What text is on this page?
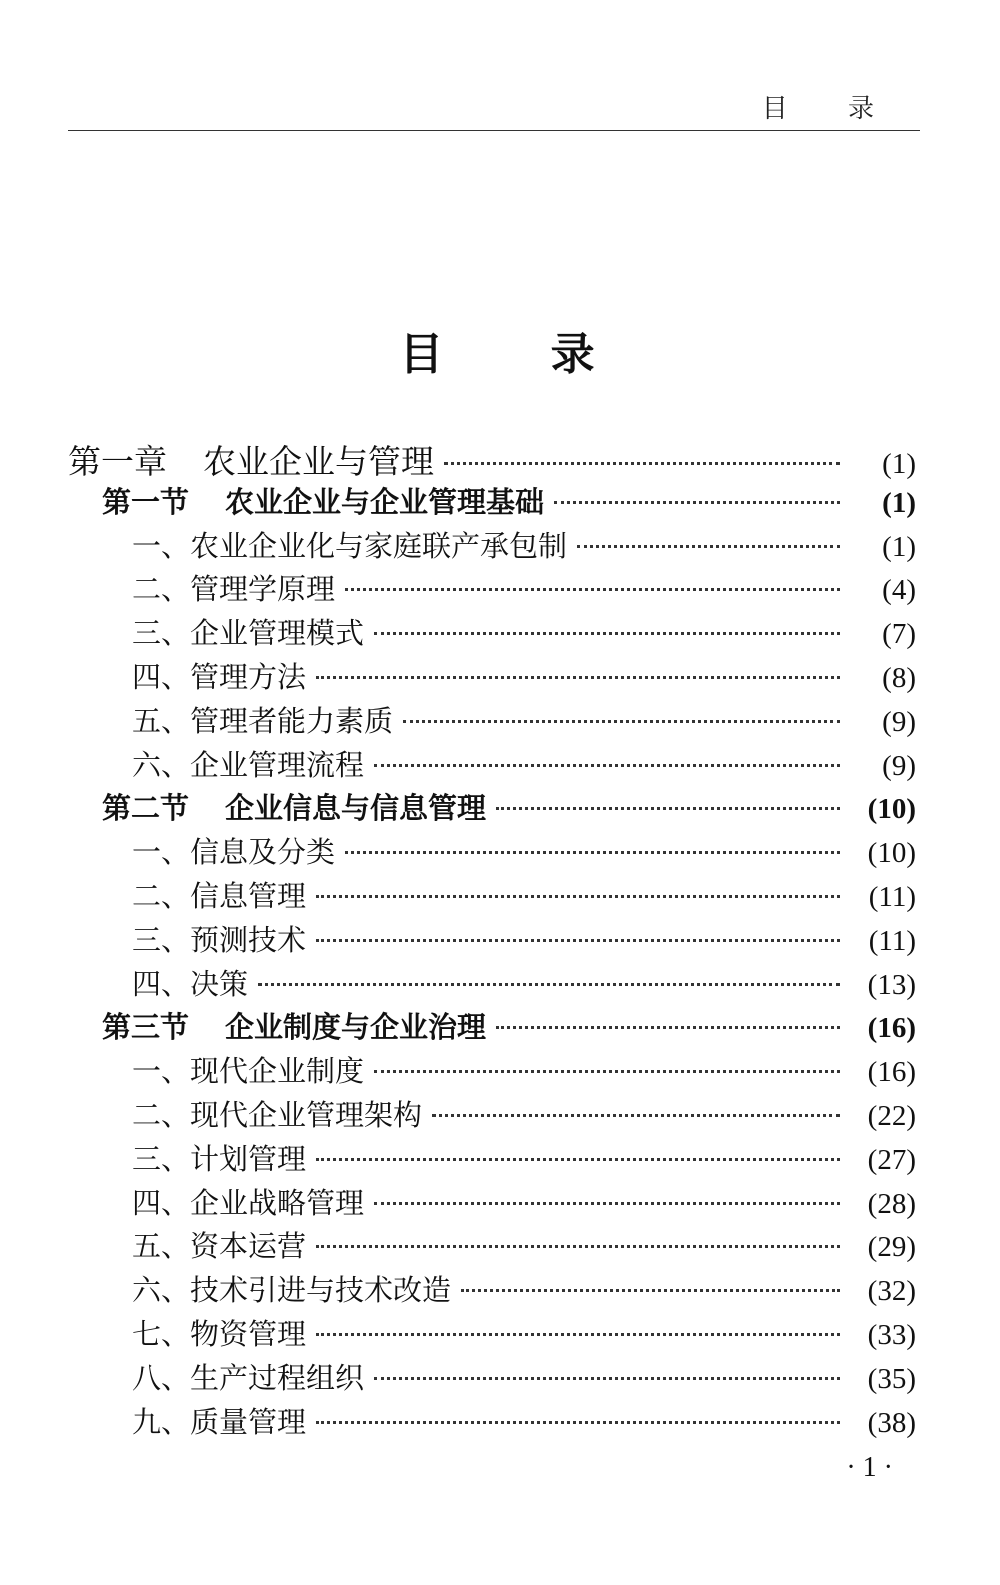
目 录
目 录
第一章 农业企业与管理	(1)
第一节 农业企业与企业管理基础	(1)
一、农业企业化与家庭联产承包制	(1)
二、管理学原理	(4)
三、企业管理模式	(7)
四、管理方法	(8)
五、管理者能力素质	(9)
六、企业管理流程	(9)
第二节 企业信息与信息管理	(10)
一、信息及分类	(10)
二、信息管理	(11)
三、预测技术	(11)
四、决策	(13)
第三节 企业制度与企业治理	(16)
一、现代企业制度	(16)
二、现代企业管理架构	(22)
三、计划管理	(27)
四、企业战略管理	(28)
五、资本运营	(29)
六、技术引进与技术改造	(32)
七、物资管理	(33)
八、生产过程组织	(35)
九、质量管理	(38)
· 1 ·
